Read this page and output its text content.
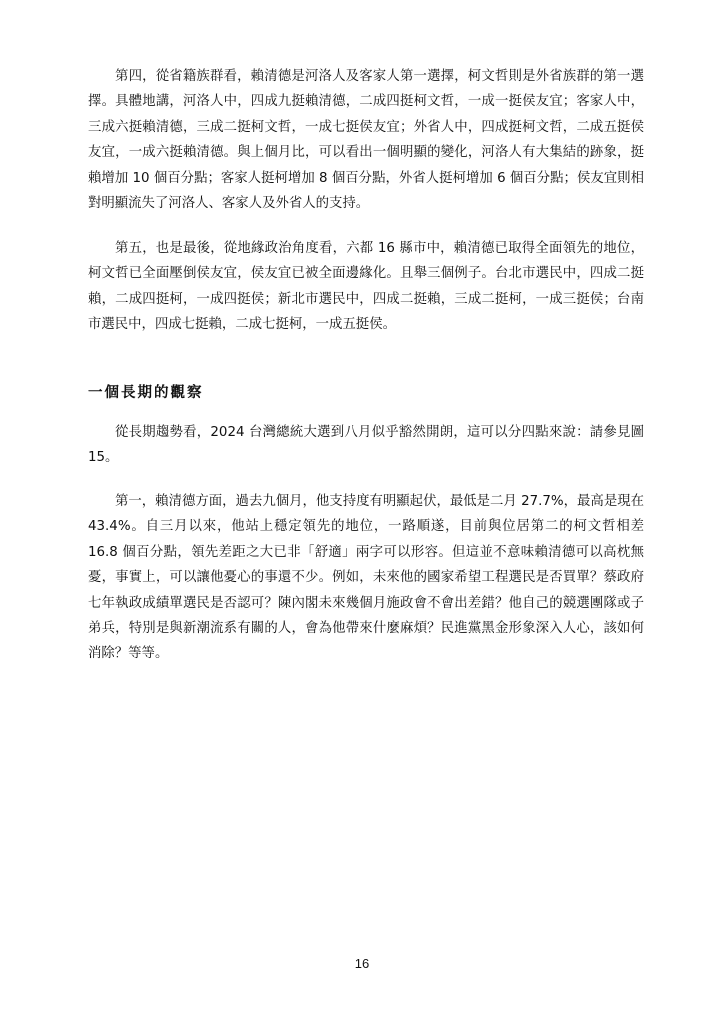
第四，從省籍族群看，賴清德是河洛人及客家人第一選擇，柯文哲則是外省族群的第一選擇。具體地講，河洛人中，四成九挺賴清德，二成四挺柯文哲，一成一挺侯友宜；客家人中，三成六挺賴清德，三成二挺柯文哲，一成七挺侯友宜；外省人中，四成挺柯文哲，二成五挺侯友宜，一成六挺賴清德。與上個月比，可以看出一個明顯的變化，河洛人有大集結的跡象，挺賴增加 10 個百分點；客家人挺柯增加 8 個百分點，外省人挺柯增加 6 個百分點；侯友宜則相對明顯流失了河洛人、客家人及外省人的支持。

第五，也是最後，從地緣政治角度看，六都 16 縣市中，賴清德已取得全面領先的地位，柯文哲已全面壓倒侯友宜，侯友宜已被全面邊緣化。且舉三個例子。台北市選民中，四成二挺賴，二成四挺柯，一成四挺侯；新北市選民中，四成二挺賴，三成二挺柯，一成三挺侯；台南市選民中，四成七挺賴，二成七挺柯，一成五挺侯。

一個長期的觀察

從長期趨勢看，2024 台灣總統大選到八月似乎豁然開朗，這可以分四點來說：請參見圖 15。

第一，賴清德方面，過去九個月，他支持度有明顯起伏，最低是二月 27.7%，最高是現在 43.4%。自三月以來，他站上穩定領先的地位，一路順遂，目前與位居第二的柯文哲相差 16.8 個百分點，領先差距之大已非「舒適」兩字可以形容。但這並不意味賴清德可以高枕無憂，事實上，可以讓他憂心的事還不少。例如，未來他的國家希望工程選民是否買單？蔡政府七年執政成績單選民是否認可？陳內閣未來幾個月施政會不會出差錯？他自己的競選團隊或子弟兵，特別是與新潮流系有關的人，會為他帶來什麼麻煩？民進黨黑金形象深入人心，該如何消除？等等。

16
